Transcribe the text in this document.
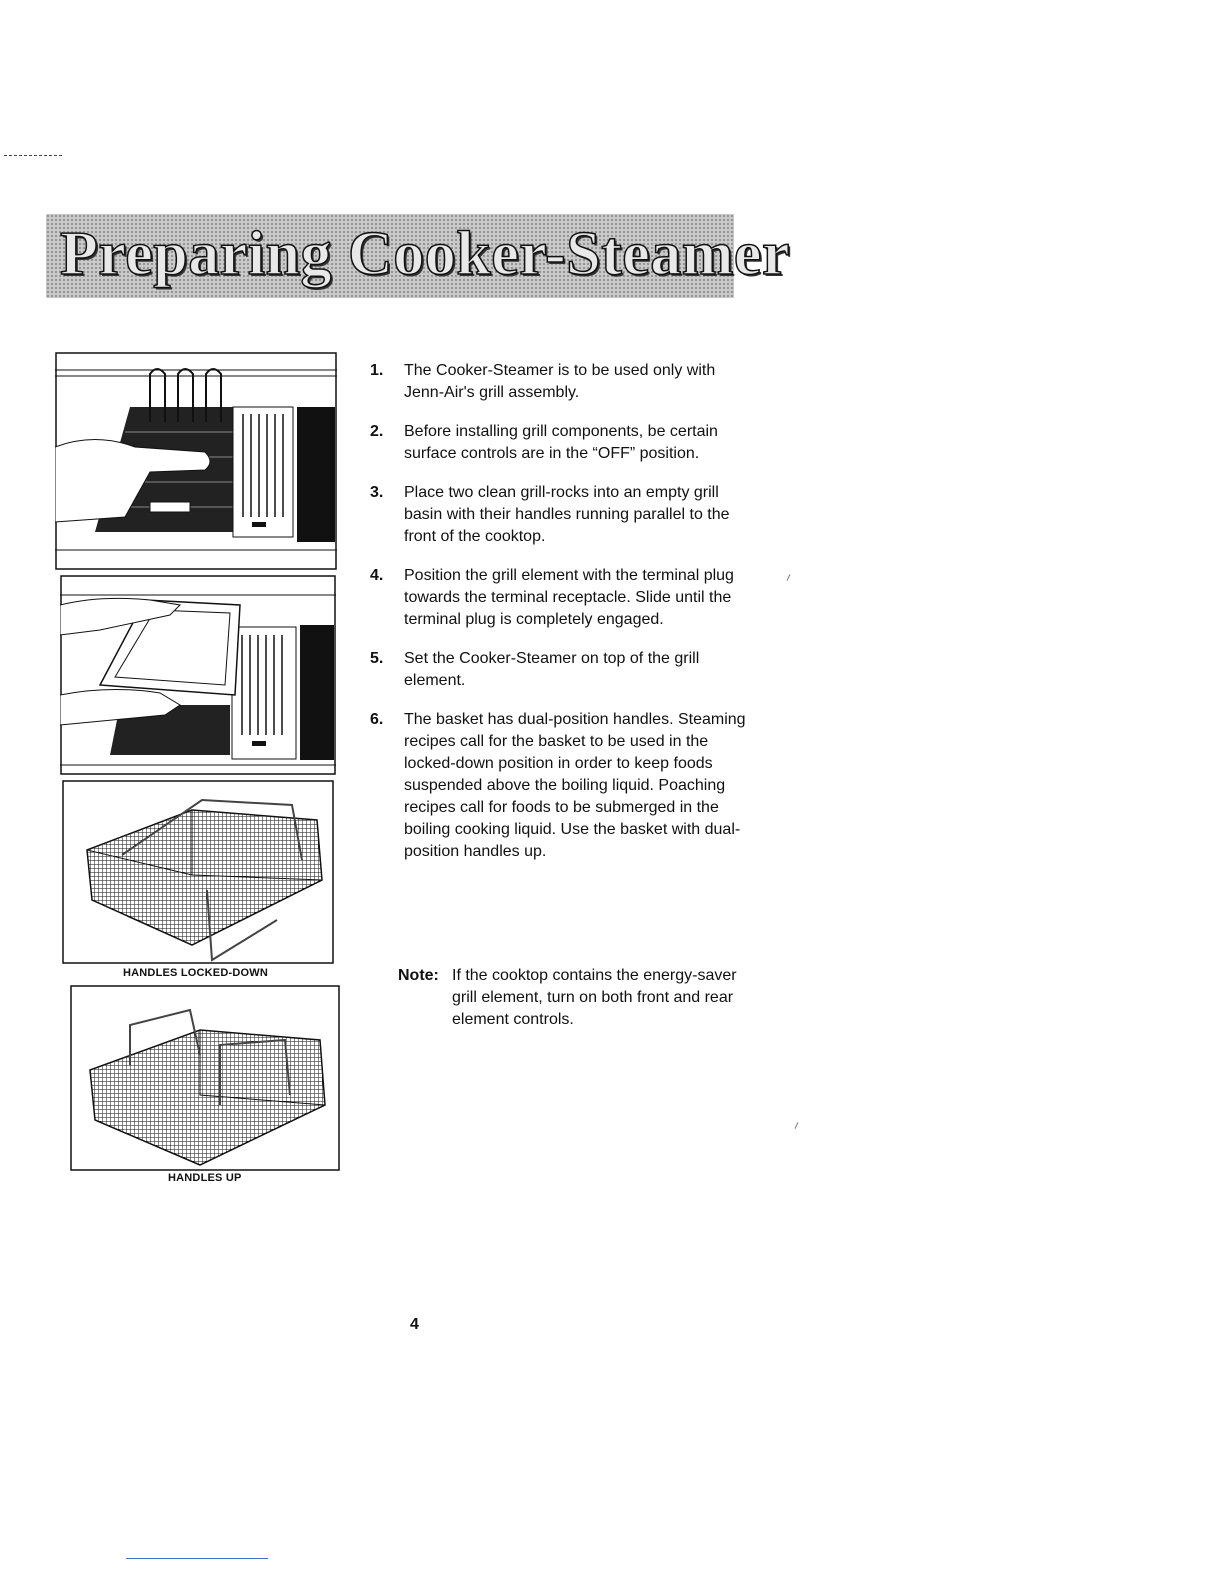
Preparing Cooker-Steamer
HANDLES LOCKED-DOWN
HANDLES UP
1. The Cooker-Steamer is to be used only with Jenn-Air's grill assembly.
2. Before installing grill components, be certain surface controls are in the “OFF” position.
3. Place two clean grill-rocks into an empty grill basin with their handles running parallel to the front of the cooktop.
4. Position the grill element with the terminal plug towards the terminal receptacle. Slide until the terminal plug is completely engaged.
5. Set the Cooker-Steamer on top of the grill element.
6. The basket has dual-position handles. Steaming recipes call for the basket to be used in the locked-down position in order to keep foods suspended above the boiling liquid. Poaching recipes call for foods to be submerged in the boiling cooking liquid. Use the basket with dual-position handles up.
Note: If the cooktop contains the energy-saver grill element, turn on both front and rear element controls.
4
